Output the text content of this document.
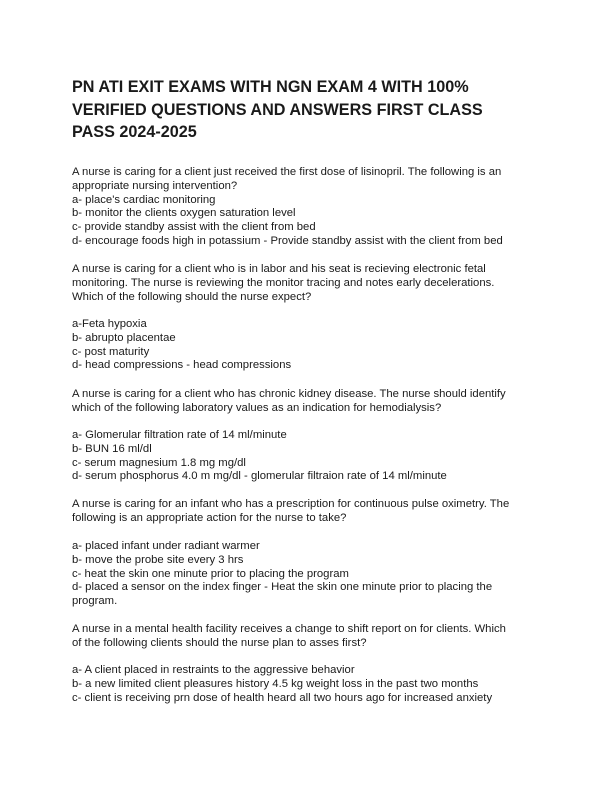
PN ATI EXIT EXAMS WITH NGN EXAM 4 WITH 100%
VERIFIED QUESTIONS AND ANSWERS FIRST CLASS
PASS 2024-2025
A nurse is caring for a client just received the first dose of lisinopril. The following is an
appropriate nursing intervention?
a- place's cardiac monitoring
b- monitor the clients oxygen saturation level
c- provide standby assist with the client from bed
d- encourage foods high in potassium - Provide standby assist with the client from bed
A nurse is caring for a client who is in labor and his seat is recieving electronic fetal
monitoring. The nurse is reviewing the monitor tracing and notes early decelerations.
Which of the following should the nurse expect?
a-Feta hypoxia
b- abrupto placentae
c- post maturity
d- head compressions - head compressions
A nurse is caring for a client who has chronic kidney disease. The nurse should identify
which of the following laboratory values as an indication for hemodialysis?
a- Glomerular filtration rate of 14 ml/minute
b- BUN 16 ml/dl
c- serum magnesium 1.8 mg mg/dl
d- serum phosphorus 4.0 m mg/dl - glomerular filtraion rate of 14 ml/minute
A nurse is caring for an infant who has a prescription for continuous pulse oximetry. The
following is an appropriate action for the nurse to take?
a- placed infant under radiant warmer
b- move the probe site every 3 hrs
c- heat the skin one minute prior to placing the program
d- placed a sensor on the index finger - Heat the skin one minute prior to placing the
program.
A nurse in a mental health facility receives a change to shift report on for clients. Which
of the following clients should the nurse plan to asses first?
a- A client placed in restraints to the aggressive behavior
b- a new limited client pleasures history 4.5 kg weight loss in the past two months
c- client is receiving prn dose of health heard all two hours ago for increased anxiety
